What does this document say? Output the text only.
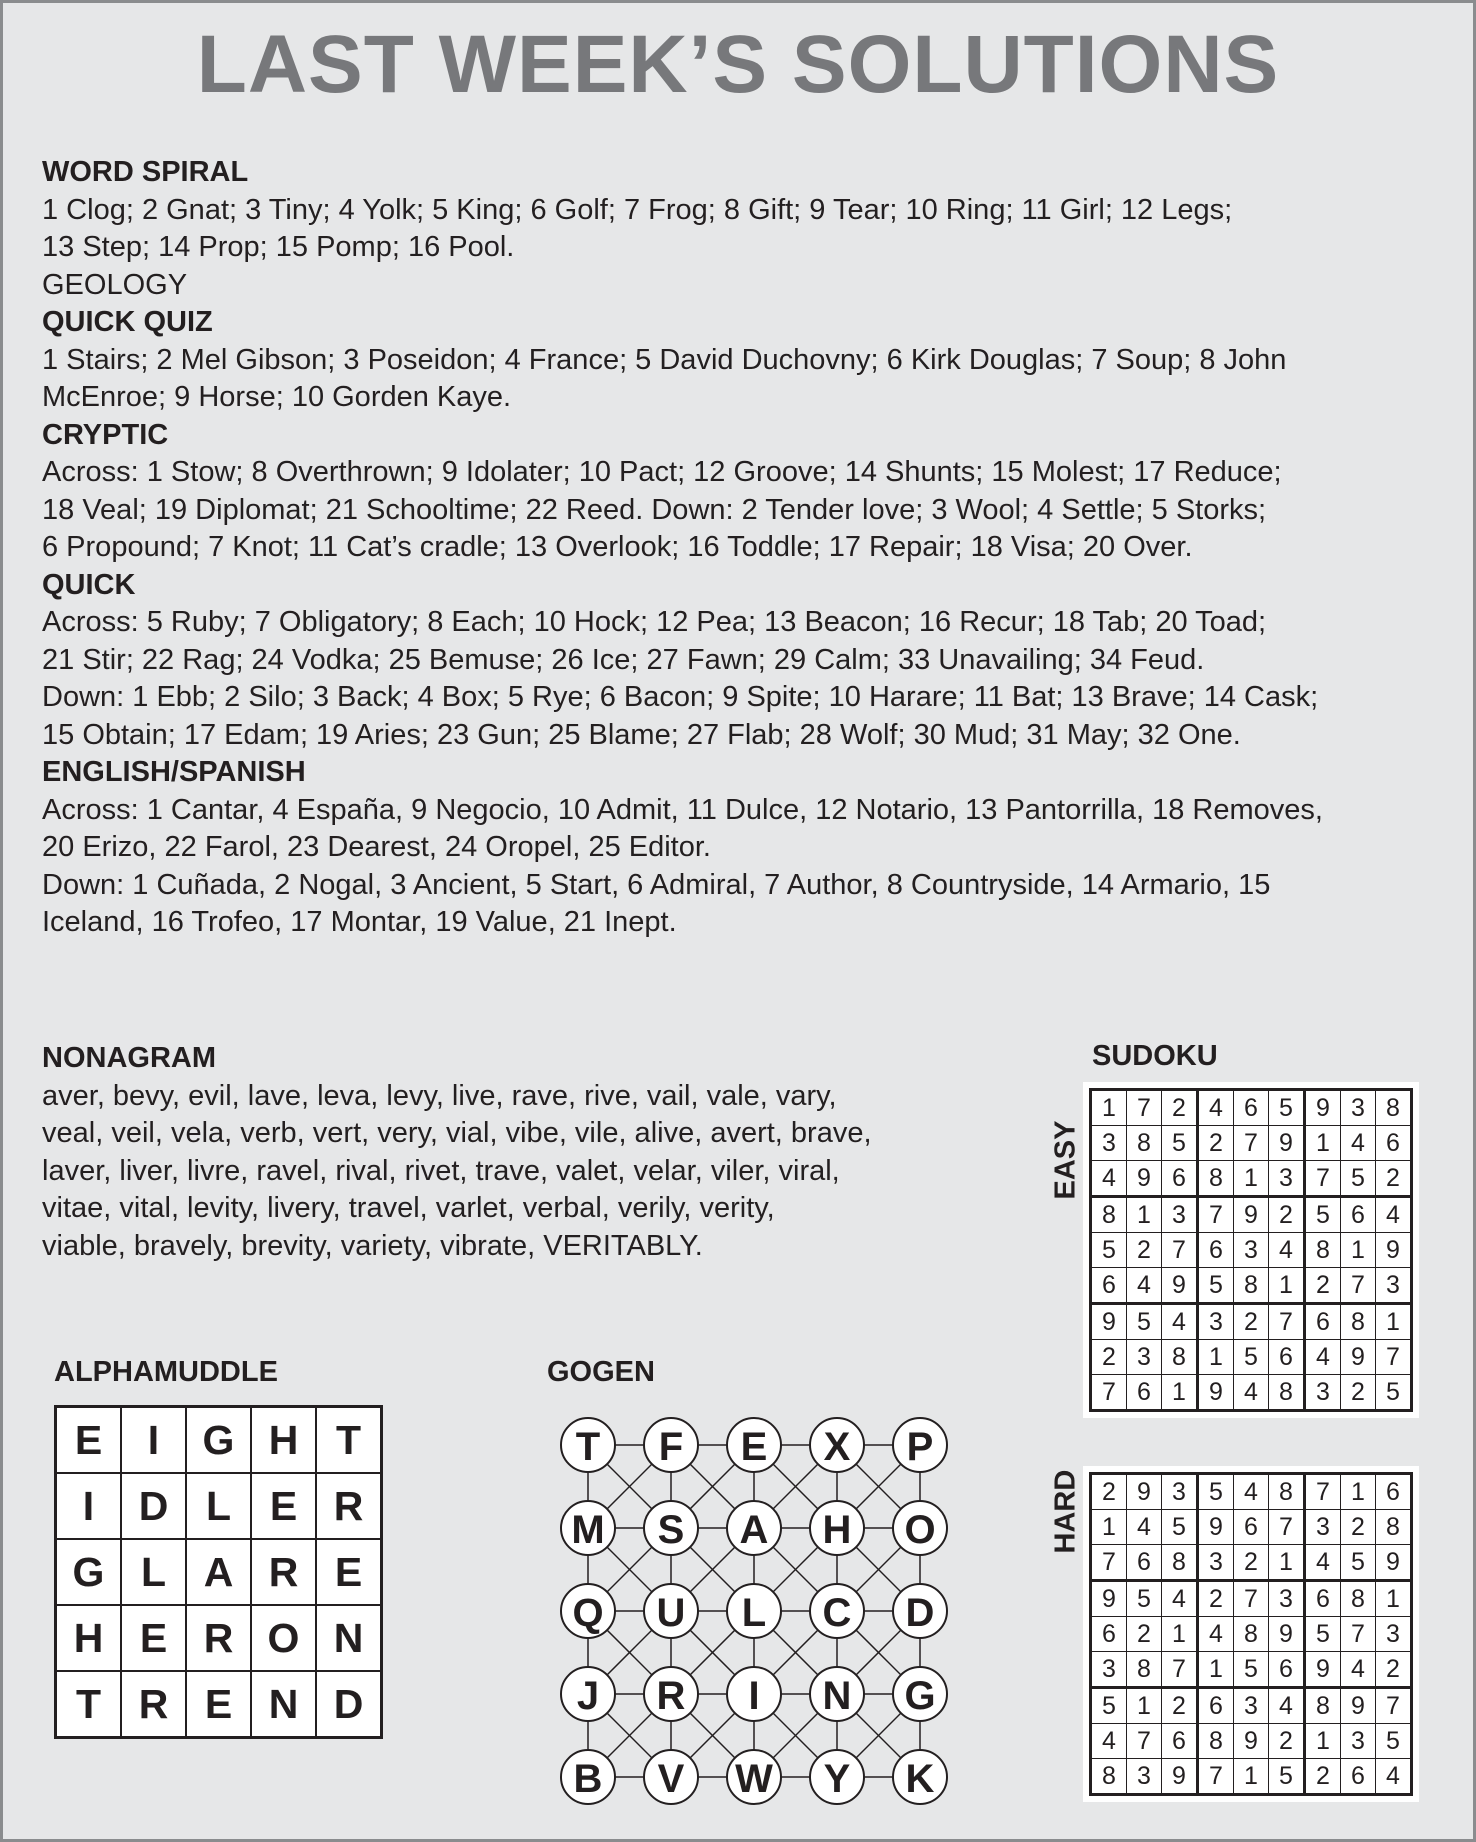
LAST WEEK’S SOLUTIONS

WORD SPIRAL

1 Clog; 2 Gnat; 3 Tiny; 4 Yolk; 5 King; 6 Golf; 7 Frog; 8 Gift; 9 Tear; 10 Ring; 11 Girl; 12 Legs;

13 Step; 14 Prop; 15 Pomp; 16 Pool.

GEOLOGY

QUICK QUIZ

1 Stairs; 2 Mel Gibson; 3 Poseidon; 4 France; 5 David Duchovny; 6 Kirk Douglas; 7 Soup; 8 John

McEnroe; 9 Horse; 10 Gorden Kaye.

CRYPTIC

Across: 1 Stow; 8 Overthrown; 9 Idolater; 10 Pact; 12 Groove; 14 Shunts; 15 Molest; 17 Reduce;

18 Veal; 19 Diplomat; 21 Schooltime; 22 Reed. Down: 2 Tender love; 3 Wool; 4 Settle; 5 Storks;

6 Propound; 7 Knot; 11 Cat’s cradle; 13 Overlook; 16 Toddle; 17 Repair; 18 Visa; 20 Over.

QUICK

Across: 5 Ruby; 7 Obligatory; 8 Each; 10 Hock; 12 Pea; 13 Beacon; 16 Recur; 18 Tab; 20 Toad;

21 Stir; 22 Rag; 24 Vodka; 25 Bemuse; 26 Ice; 27 Fawn; 29 Calm; 33 Unavailing; 34 Feud.

Down: 1 Ebb; 2 Silo; 3 Back; 4 Box; 5 Rye; 6 Bacon; 9 Spite; 10 Harare; 11 Bat; 13 Brave; 14 Cask;

15 Obtain; 17 Edam; 19 Aries; 23 Gun; 25 Blame; 27 Flab; 28 Wolf; 30 Mud; 31 May; 32 One.

ENGLISH/SPANISH

Across: 1 Cantar, 4 España, 9 Negocio, 10 Admit, 11 Dulce, 12 Notario, 13 Pantorrilla, 18 Removes,

20 Erizo, 22 Farol, 23 Dearest, 24 Oropel, 25 Editor.

Down: 1 Cuñada, 2 Nogal, 3 Ancient, 5 Start, 6 Admiral, 7 Author, 8 Countryside, 14 Armario, 15

Iceland, 16 Trofeo, 17 Montar, 19 Value, 21 Inept.

NONAGRAM
aver, bevy, evil, lave, leva, levy, live, rave, rive, vail, vale, vary,
veal, veil, vela, verb, vert, very, vial, vibe, vile, alive, avert, brave,
laver, liver, livre, ravel, rival, rivet, trave, valet, velar, viler, viral,
vitae, vital, levity, livery, travel, varlet, verbal, verily, verity,
viable, bravely, brevity, variety, vibrate, VERITABLY.
ALPHAMUDDLE
E	I	G	H	T
I	D	L	E	R
G	L	A	R	E
H	E	R	O	N
T	R	E	N	D
GOGEN
T F E X P
M S A H O
Q U L C D
J R I N G
B V W Y K
SUDOKU
EASY
HARD
1	7	2	4	6	5	9	3	8
3	8	5	2	7	9	1	4	6
4	9	6	8	1	3	7	5	2
8	1	3	7	9	2	5	6	4
5	2	7	6	3	4	8	1	9
6	4	9	5	8	1	2	7	3
9	5	4	3	2	7	6	8	1
2	3	8	1	5	6	4	9	7
7	6	1	9	4	8	3	2	5
2	9	3	5	4	8	7	1	6
1	4	5	9	6	7	3	2	8
7	6	8	3	2	1	4	5	9
9	5	4	2	7	3	6	8	1
6	2	1	4	8	9	5	7	3
3	8	7	1	5	6	9	4	2
5	1	2	6	3	4	8	9	7
4	7	6	8	9	2	1	3	5
8	3	9	7	1	5	2	6	4
